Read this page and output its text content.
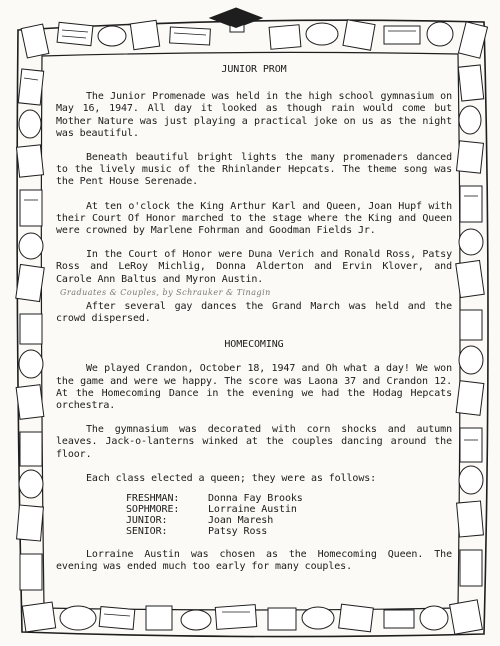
JUNIOR PROM

The Junior Promenade was held in the high school gymnasium on May 16, 1947. All day it looked as though rain would come but Mother Nature was just playing a practical joke on us as the night was beautiful.

Beneath beautiful bright lights the many promenaders danced to the lively music of the Rhinlander Hepcats. The theme song was the Pent House Serenade.

At ten o'clock the King Arthur Karl and Queen, Joan Hupf with their Court Of Honor marched to the stage where the King and Queen were crowned by Marlene Fohrman and Goodman Fields Jr.

In the Court of Honor were Duna Verich and Ronald Ross, Patsy Ross and LeRoy Michlig, Donna Alderton and Ervin Klover, and Carole Ann Baltus and Myron Austin.

Graduates & Couples, by Schrauker & Tinagin

After several gay dances the Grand March was held and the crowd dispersed.

HOMECOMING

We played Crandon, October 18, 1947 and Oh what a day! We won the game and were we happy. The score was Laona 37 and Crandon 12. At the Homecoming Dance in the evening we had the Hodag Hepcats orchestra.

The gymnasium was decorated with corn shocks and autumn leaves. Jack-o-lanterns winked at the couples dancing around the floor.

Each class elected a queen; they were as follows:

FRESHMAN:	Donna Fay Brooks
SOPHMORE:	Lorraine Austin
JUNIOR:	Joan Maresh
SENIOR:	Patsy Ross

Lorraine Austin was chosen as the Homecoming Queen. The evening was ended much too early for many couples.
